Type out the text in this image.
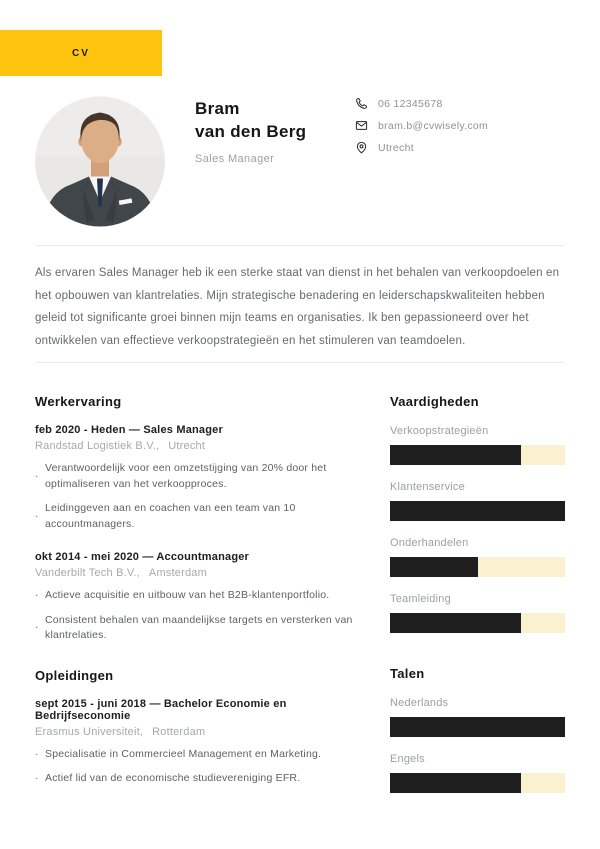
CV
Bram
van den Berg
Sales Manager
06 12345678
bram.b@cvwisely.com
Utrecht

Als ervaren Sales Manager heb ik een sterke staat van dienst in het behalen van verkoopdoelen en het opbouwen van klantrelaties. Mijn strategische benadering en leiderschapskwaliteiten hebben geleid tot significante groei binnen mijn teams en organisaties. Ik ben gepassioneerd over het ontwikkelen van effectieve verkoopstrategieën en het stimuleren van teamdoelen.

Werkervaring
feb 2020 - Heden — Sales Manager
Randstad Logistiek B.V., Utrecht
·
Verantwoordelijk voor een omzetstijging van 20% door het optimaliseren van het verkoopproces.
·
Leidinggeven aan en coachen van een team van 10 accountmanagers.
okt 2014 - mei 2020 — Accountmanager
Vanderbilt Tech B.V., Amsterdam
· Actieve acquisitie en uitbouw van het B2B-klantenportfolio.
·
Consistent behalen van maandelijkse targets en versterken van klantrelaties.
Opleidingen
sept 2015 - juni 2018 — Bachelor Economie en Bedrijfseconomie
Erasmus Universiteit, Rotterdam
· Specialisatie in Commercieel Management en Marketing.
· Actief lid van de economische studievereniging EFR.
Vaardigheden
Verkoopstrategieën
Klantenservice
Onderhandelen
Teamleiding
Talen
Nederlands
Engels
